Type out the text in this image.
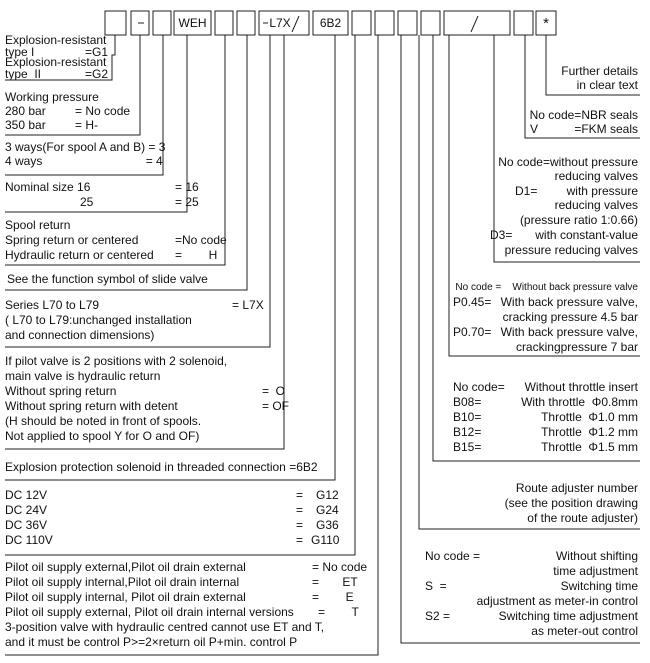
WEH	L7X	6B2	*
Explosion-resistant
type I	=G1
Explosion-resistant
type  II	=G2
Working pressure
280 bar = No code
350 bar = H-
3 ways(For spool A and B) = 3
4 ways                               = 4
Nominal size 16	= 16
25	= 25
Spool return
Spring return or centered	=No code
Hydraulic return or centered =        H
See the function symbol of slide valve
Series L70 to L79	= L7X
( L70 to L79:unchanged installation
and connection dimensions)
If pilot valve is 2 positions with 2 solenoid,
main valve is hydraulic return
Without spring return	=  O
Without spring return with detent	= OF
(H should be noted in front of spools.
Not applied to spool Y for O and OF)
Explosion protection solenoid in threaded connection =6B2
DC 12V	= G12
DC 24V	= G24
DC 36V	= G36
DC 110V	= G110
Pilot oil supply external,Pilot oil drain external	= No code
Pilot oil supply internal,Pilot oil drain internal	=       ET
Pilot oil supply internal, Pilot oil drain external	=        E
Pilot oil supply external, Pilot oil drain internal versions =        T
3-position valve with hydraulic centred cannot use ET and T,
and it must be control P>=2×return oil P+min. control P
Further details
in clear text
No code=NBR seals
V	=FKM seals
No code=without pressure
reducing valves
D1= with pressure
reducing valves
(pressure ratio 1:0.66)
D3= with constant-value
pressure reducing valves
No code =    Without back pressure valve
P0.45= With back pressure valve,
cracking pressure 4.5 bar
P0.70= With back pressure valve,
crackingpressure 7 bar
No code= Without throttle insert
B08=	With throttle  Φ0.8mm
B10=	Throttle  Φ1.0 mm
B12=	Throttle  Φ1.2 mm
B15=	Throttle  Φ1.5 mm
Route adjuster number
(see the position drawing
of the route adjuster)
No code =	Without shifting
time adjustment
S  =	Switching time
adjustment as meter-in control
S2 =	Switching time adjustment
as meter-out control
